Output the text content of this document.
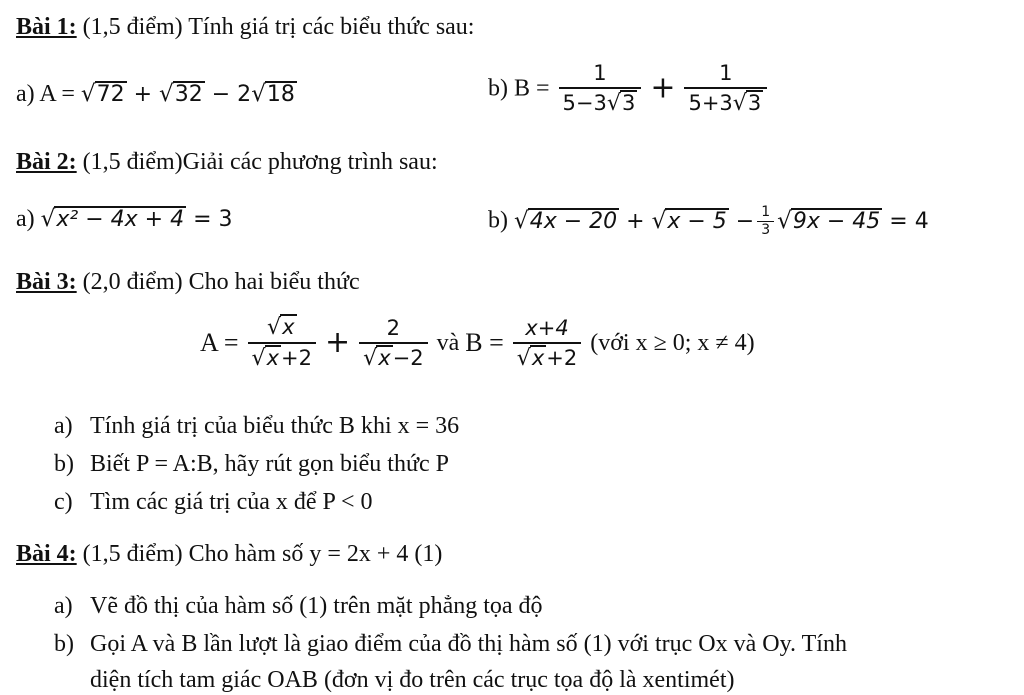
Bài 1: (1,5 điểm) Tính giá trị các biểu thức sau:
a) A = √72 + √32 − 2√18	b) $B = \frac{1}{5-3√3} + \frac{1}{5+3√3}$
Bài 2: (1,5 điểm)Giải các phương trình sau:
a) √x² − 4x + 4 = 3	b) $√4x - 20 + √x - 5 - \frac{1}{3} √9x - 45 = 4$
Bài 3: (2,0 điểm) Cho hai biểu thức
$A = \frac{√x}{√x+2} + \frac{2}{√x-2}$ và $B = \frac{x+4}{√x+2}$ (với x ≥ 0; x ≠ 4)
a) Tính giá trị của biểu thức B khi x = 36
b) Biết P = A:B, hãy rút gọn biểu thức P
c) Tìm các giá trị của x để P < 0
Bài 4: (1,5 điểm) Cho hàm số y = 2x + 4 (1)
a) Vẽ đồ thị của hàm số (1) trên mặt phẳng tọa độ
b) Gọi A và B lần lượt là giao điểm của đồ thị hàm số (1) với trục Ox và Oy. Tính
diện tích tam giác OAB (đơn vị đo trên các trục tọa độ là xentimét)
